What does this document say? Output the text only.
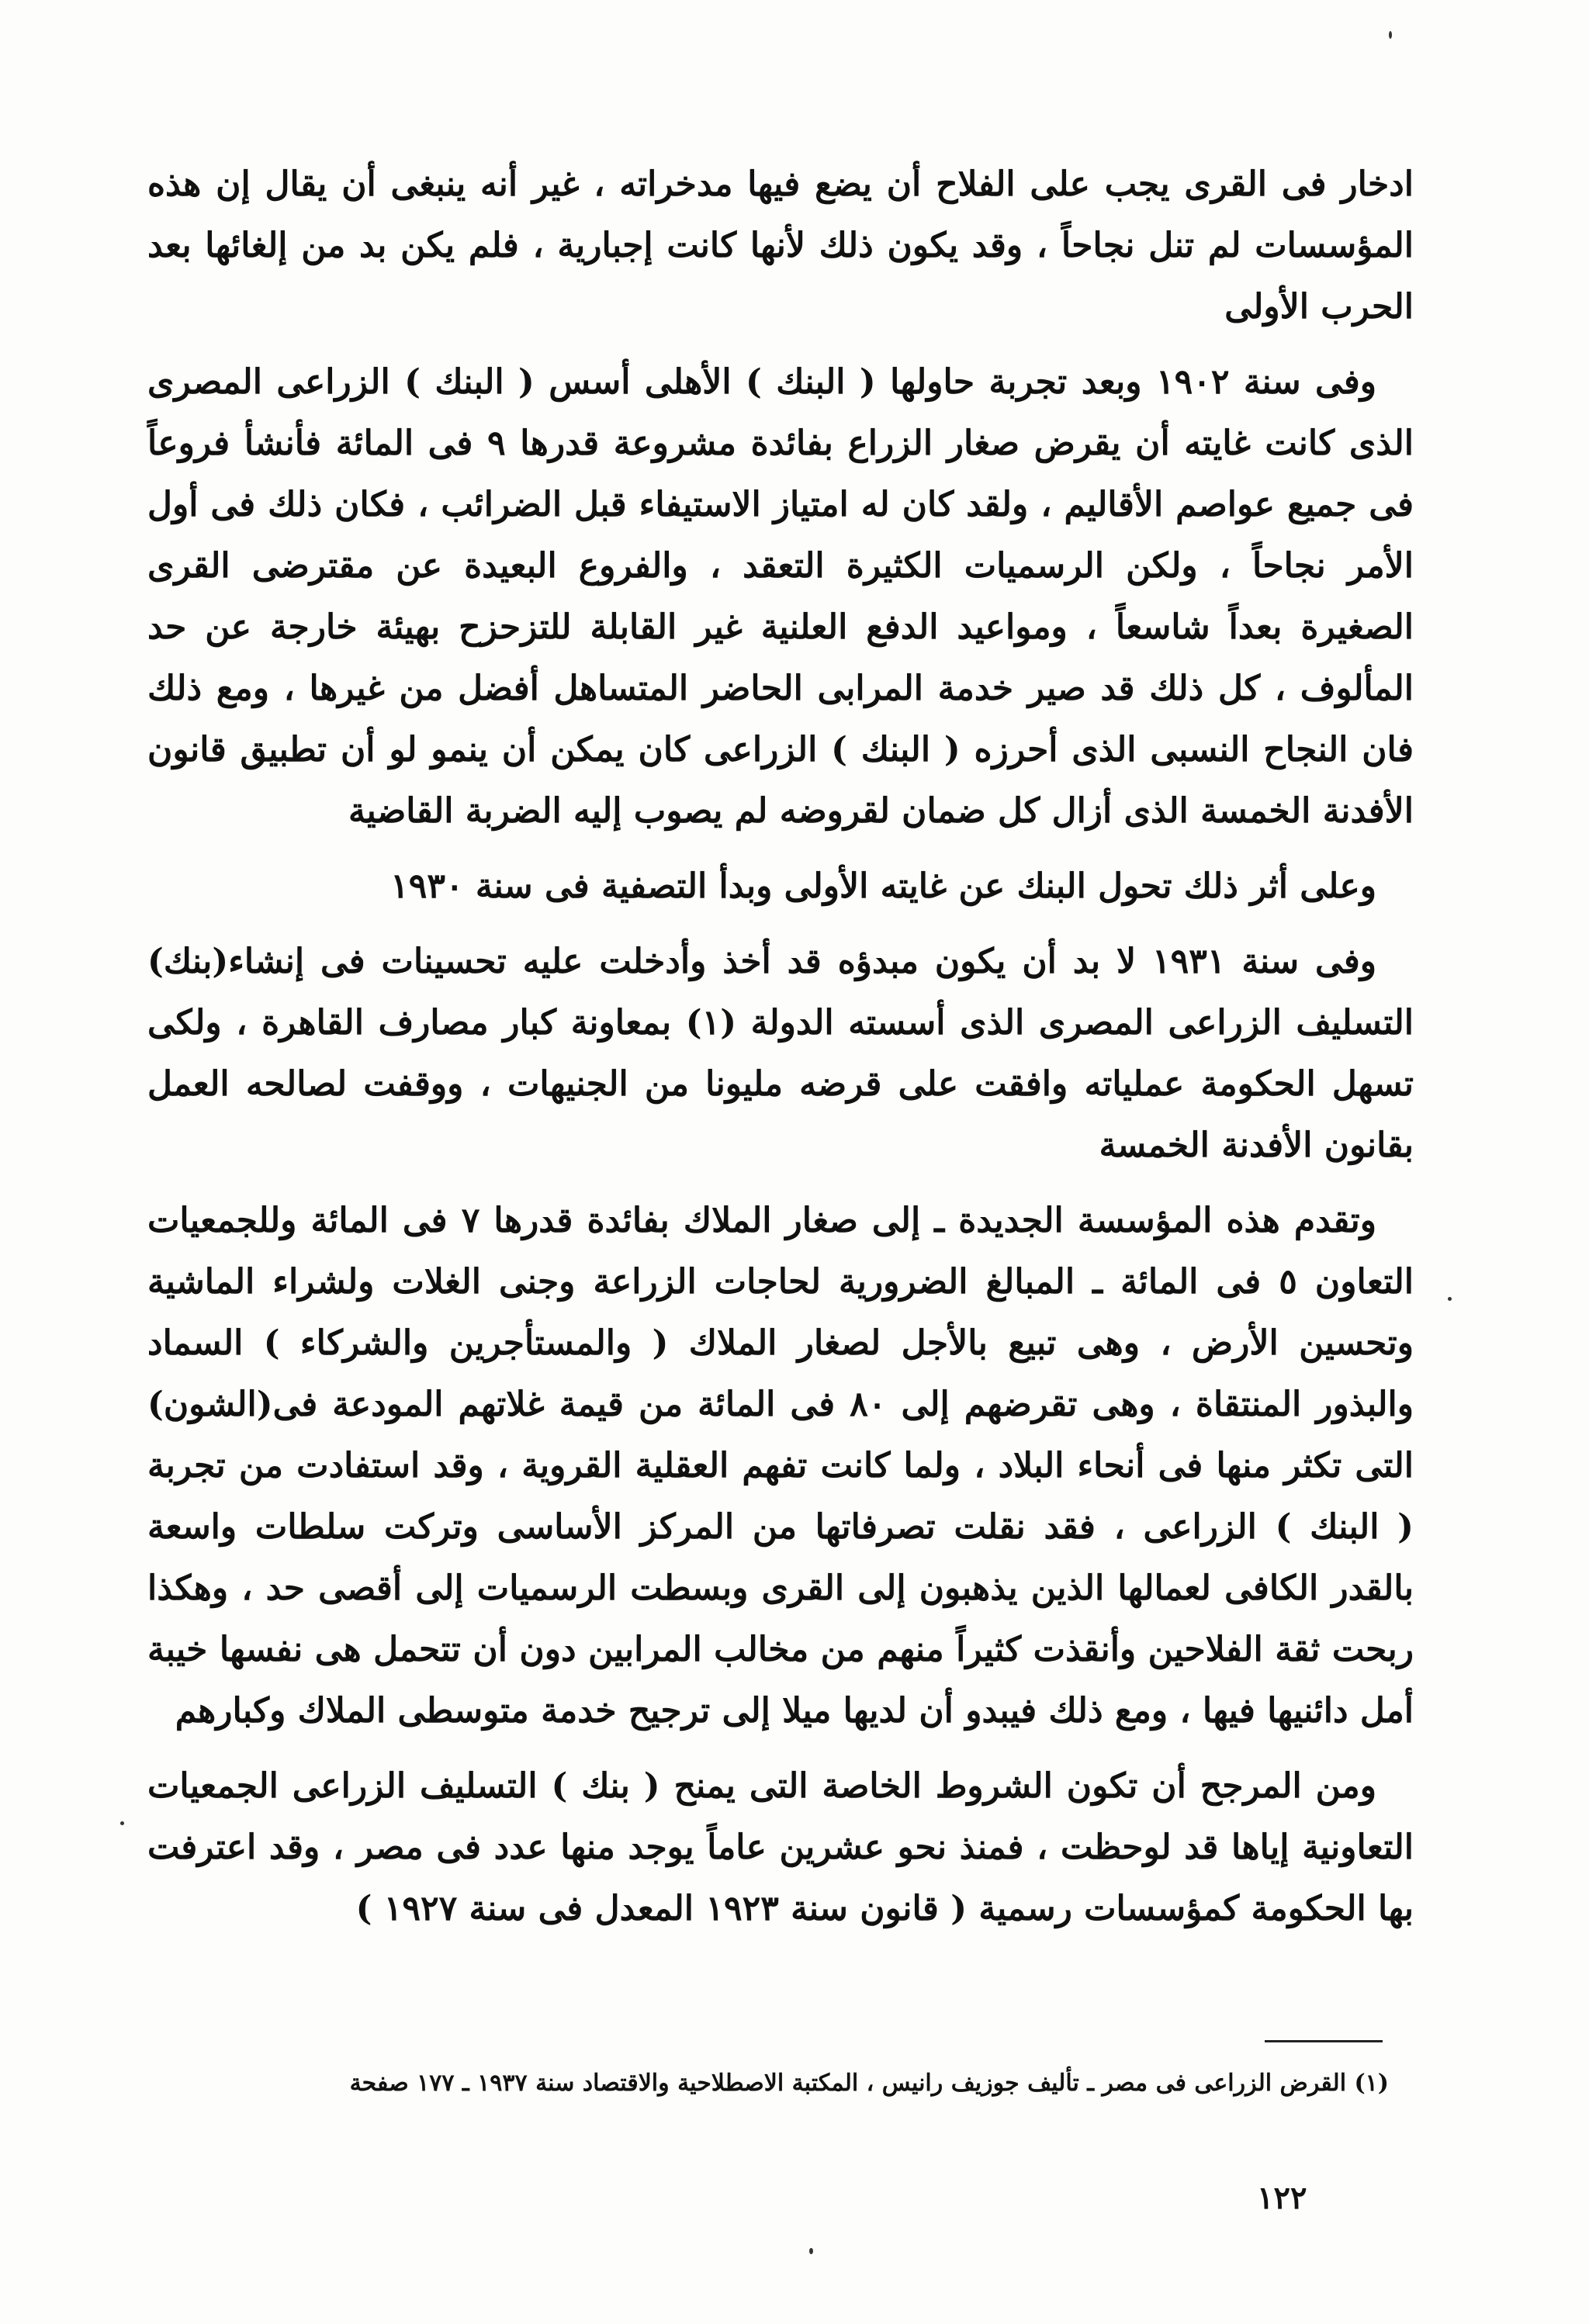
ادخار فى القرى يجب على الفلاح أن يضع فيها مدخراته ، غير أنه ينبغى أن يقال إن هذه المؤسسات لم تنل نجاحاً ، وقد يكون ذلك لأنها كانت إجبارية ، فلم يكن بد من إلغائها بعد الحرب الأولى

وفى سنة ١٩٠٢ وبعد تجربة حاولها ( البنك ) الأهلى أسس ( البنك ) الزراعى المصرى الذى كانت غايته أن يقرض صغار الزراع بفائدة مشروعة قدرها ٩ فى المائة فأنشأ فروعاً فى جميع عواصم الأقاليم ، ولقد كان له امتياز الاستيفاء قبل الضرائب ، فكان ذلك فى أول الأمر نجاحاً ، ولكن الرسميات الكثيرة التعقد ، والفروع البعيدة عن مقترضى القرى الصغيرة بعداً شاسعاً ، ومواعيد الدفع العلنية غير القابلة للتزحزح بهيئة خارجة عن حد المألوف ، كل ذلك قد صير خدمة المرابى الحاضر المتساهل أفضل من غيرها ، ومع ذلك فان النجاح النسبى الذى أحرزه ( البنك ) الزراعى كان يمكن أن ينمو لو أن تطبيق قانون الأفدنة الخمسة الذى أزال كل ضمان لقروضه لم يصوب إليه الضربة القاضية

وعلى أثر ذلك تحول البنك عن غايته الأولى وبدأ التصفية فى سنة ١٩٣٠

وفى سنة ١٩٣١ لا بد أن يكون مبدؤه قد أخذ وأدخلت عليه تحسينات فى إنشاء(بنك) التسليف الزراعى المصرى الذى أسسته الدولة (١) بمعاونة كبار مصارف القاهرة ، ولكى تسهل الحكومة عملياته وافقت على قرضه مليونا من الجنيهات ، ووقفت لصالحه العمل بقانون الأفدنة الخمسة

وتقدم هذه المؤسسة الجديدة ـ إلى صغار الملاك بفائدة قدرها ٧ فى المائة وللجمعيات التعاون ٥ فى المائة ـ المبالغ الضرورية لحاجات الزراعة وجنى الغلات ولشراء الماشية وتحسين الأرض ، وهى تبيع بالأجل لصغار الملاك ( والمستأجرين والشركاء ) السماد والبذور المنتقاة ، وهى تقرضهم إلى ٨٠ فى المائة من قيمة غلاتهم المودعة فى(الشون) التى تكثر منها فى أنحاء البلاد ، ولما كانت تفهم العقلية القروية ، وقد استفادت من تجربة ( البنك ) الزراعى ، فقد نقلت تصرفاتها من المركز الأساسى وتركت سلطات واسعة بالقدر الكافى لعمالها الذين يذهبون إلى القرى وبسطت الرسميات إلى أقصى حد ، وهكذا ربحت ثقة الفلاحين وأنقذت كثيراً منهم من مخالب المرابين دون أن تتحمل هى نفسها خيبة أمل دائنيها فيها ، ومع ذلك فيبدو أن لديها ميلا إلى ترجيح خدمة متوسطى الملاك وكبارهم

ومن المرجح أن تكون الشروط الخاصة التى يمنح ( بنك ) التسليف الزراعى الجمعيات التعاونية إياها قد لوحظت ، فمنذ نحو عشرين عاماً يوجد منها عدد فى مصر ، وقد اعترفت بها الحكومة كمؤسسات رسمية ( قانون سنة ١٩٢٣ المعدل فى سنة ١٩٢٧ )

(١) القرض الزراعى فى مصر ـ تأليف جوزيف رانيس ، المكتبة الاصطلاحية والاقتصاد سنة ١٩٣٧ ـ ١٧٧ صفحة
١٢٢
